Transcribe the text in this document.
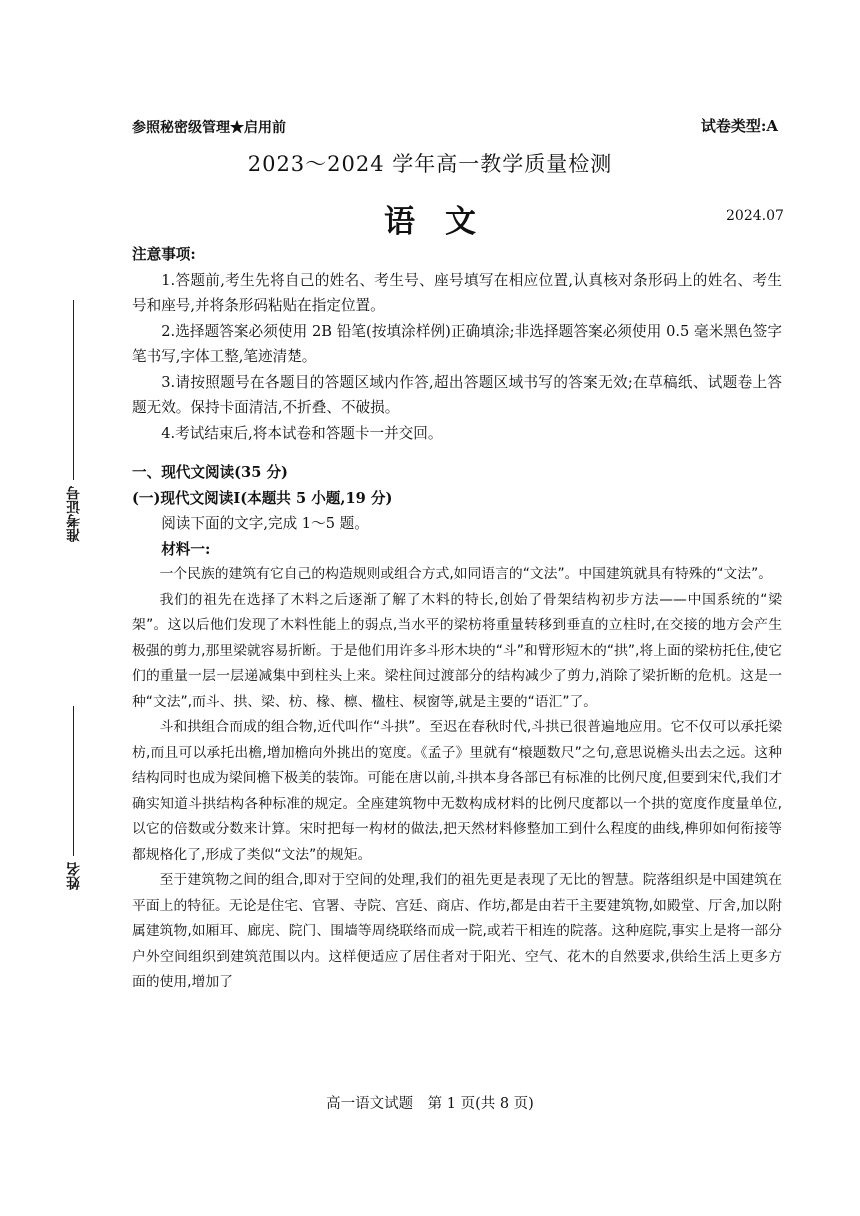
参照秘密级管理★启用前	试卷类型:A
2023～2024 学年高一教学质量检测
语文	2024.07
准考证号
姓名
注意事项:

1.答题前,考生先将自己的姓名、考生号、座号填写在相应位置,认真核对条形码上的姓名、考生号和座号,并将条形码粘贴在指定位置。

2.选择题答案必须使用 2B 铅笔(按填涂样例)正确填涂;非选择题答案必须使用 0.5 毫米黑色签字笔书写,字体工整,笔迹清楚。

3.请按照题号在各题目的答题区域内作答,超出答题区域书写的答案无效;在草稿纸、试题卷上答题无效。保持卡面清洁,不折叠、不破损。

4.考试结束后,将本试卷和答题卡一并交回。

一、现代文阅读(35 分)

(一)现代文阅读Ⅰ(本题共 5 小题,19 分)

阅读下面的文字,完成 1～5 题。

材料一:

一个民族的建筑有它自己的构造规则或组合方式,如同语言的“文法”。中国建筑就具有特殊的“文法”。

我们的祖先在选择了木料之后逐渐了解了木料的特长,创始了骨架结构初步方法——中国系统的“梁架”。这以后他们发现了木料性能上的弱点,当水平的梁枋将重量转移到垂直的立柱时,在交接的地方会产生极强的剪力,那里梁就容易折断。于是他们用许多斗形木块的“斗”和臂形短木的“拱”,将上面的梁枋托住,使它们的重量一层一层递减集中到柱头上来。梁柱间过渡部分的结构减少了剪力,消除了梁折断的危机。这是一种“文法”,而斗、拱、梁、枋、椽、檩、楹柱、棂窗等,就是主要的“语汇”了。

斗和拱组合而成的组合物,近代叫作“斗拱”。至迟在春秋时代,斗拱已很普遍地应用。它不仅可以承托梁枋,而且可以承托出檐,增加檐向外挑出的宽度。《孟子》里就有“榱题数尺”之句,意思说檐头出去之远。这种结构同时也成为梁间檐下极美的装饰。可能在唐以前,斗拱本身各部已有标准的比例尺度,但要到宋代,我们才确实知道斗拱结构各种标准的规定。全座建筑物中无数构成材料的比例尺度都以一个拱的宽度作度量单位,以它的倍数或分数来计算。宋时把每一构材的做法,把天然材料修整加工到什么程度的曲线,榫卯如何衔接等都规格化了,形成了类似“文法”的规矩。

至于建筑物之间的组合,即对于空间的处理,我们的祖先更是表现了无比的智慧。院落组织是中国建筑在平面上的特征。无论是住宅、官署、寺院、宫廷、商店、作坊,都是由若干主要建筑物,如殿堂、厅舍,加以附属建筑物,如厢耳、廊庑、院门、围墙等周绕联络而成一院,或若干相连的院落。这种庭院,事实上是将一部分户外空间组织到建筑范围以内。这样便适应了居住者对于阳光、空气、花木的自然要求,供给生活上更多方面的使用,增加了

高一语文试题　第 1 页(共 8 页)
